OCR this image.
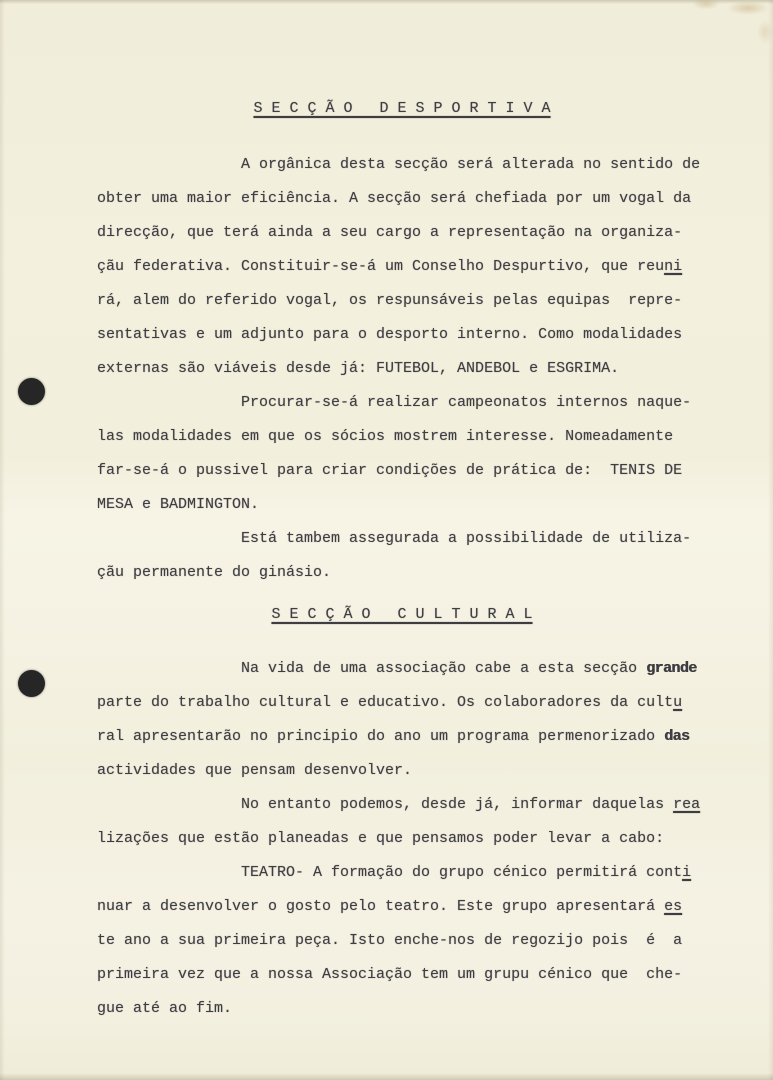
S E C Ç Ã O   D E S P O R T I V A
A orgânica desta secção será alterada no sentido de
obter uma maior eficiência. A secção será chefiada por um vogal da
direcção, que terá ainda a seu cargo a representação na organiza-
çãu federativa. Constituir-se-á um Conselho Despurtivo, que reuni
rá, alem do referido vogal, os respunsáveis pelas equipas  repre-
sentativas e um adjunto para o desporto interno. Como modalidades
externas são viáveis desde já: FUTEBOL, ANDEBOL e ESGRIMA.
Procurar-se-á realizar campeonatos internos naque-
las modalidades em que os sócios mostrem interesse. Nomeadamente
far-se-á o pussivel para criar condições de prática de:  TENIS DE
MESA e BADMINGTON.
Está tambem assegurada a possibilidade de utiliza-
çãu permanente do ginásio.
S E C Ç Ã O   C U L T U R A L
Na vida de uma associação cabe a esta secção grande
parte do trabalho cultural e educativo. Os colaboradores da cultu
ral apresentarão no principio do ano um programa permenorizado das
actividades que pensam desenvolver.
No entanto podemos, desde já, informar daquelas rea
lizações que estão planeadas e que pensamos poder levar a cabo:
TEATRO- A formação do grupo cénico permitirá conti
nuar a desenvolver o gosto pelo teatro. Este grupo apresentará es
te ano a sua primeira peça. Isto enche-nos de regozijo pois  é  a
primeira vez que a nossa Associação tem um grupu cénico que  che-
gue até ao fim.
